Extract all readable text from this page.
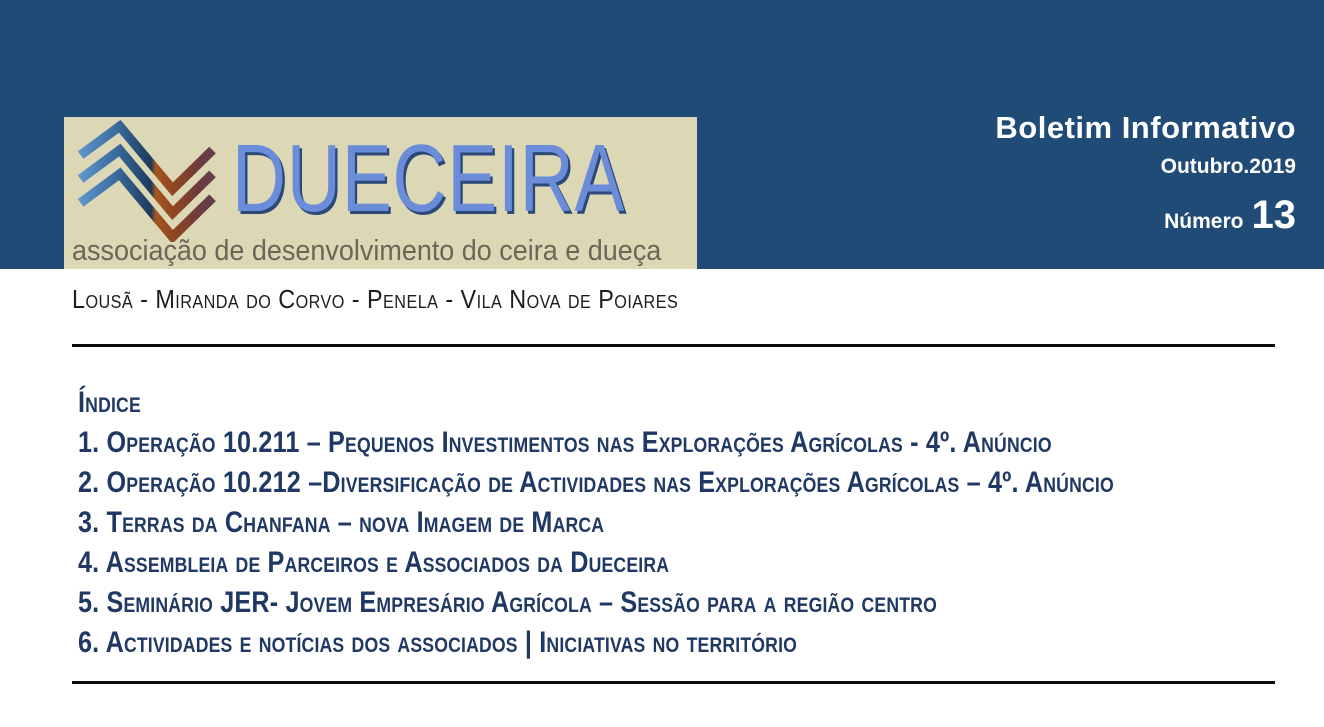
DUECEIRA
associação de desenvolvimento do ceira e dueça
Boletim Informativo
Outubro.2019
Número 13
Lousã - Miranda do Corvo - Penela - Vila Nova de Poiares
Índice
1. Operação 10.211 – Pequenos Investimentos nas Explorações Agrícolas - 4º. Anúncio
2. Operação 10.212 –Diversificação de Actividades nas Explorações Agrícolas – 4º. Anúncio
3. Terras da Chanfana – nova Imagem de Marca
4. Assembleia de Parceiros e Associados da Dueceira
5. Seminário JER- Jovem Empresário Agrícola – Sessão para a região centro
6. Actividades e notícias dos associados | Iniciativas no território
